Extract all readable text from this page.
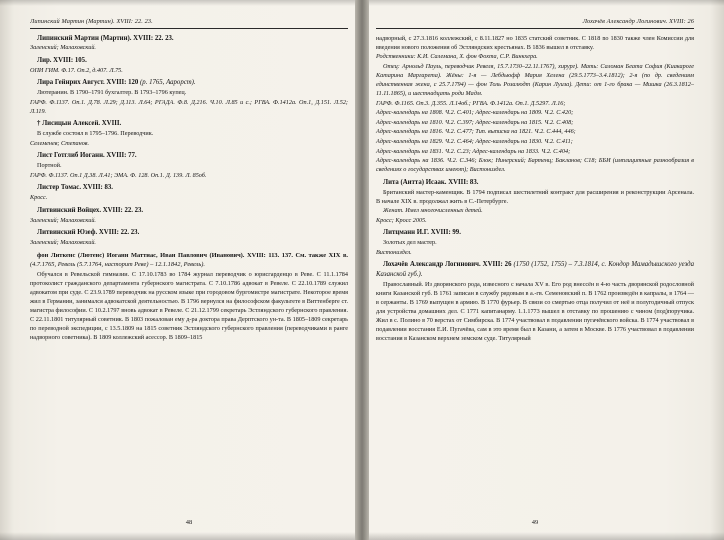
Липинский Мартин (Мартин). XVIII: 22. 23.

Липинский Мартин (Мартин). XVIII: 22. 23.

Заленский; Малаховский.

Лир. XVIII: 105.

ОПИ ГИМ. Ф.17. Оп.2, д.407. Л.75.

Лира Гейнрих Август. XVIII: 120 (р. 1765, Аарорст).

Лютеранин. В 1790–1791 бухгалтер. В 1793–1796 купец.

ГАРФ. Ф.1137. Оп.1. Д.78. Л.29; Д.113. Л.64; РГАДА. Ф.8. Д.216. Ч.10. Л.85 и с.; РГВА. Ф.1412а. Оп.1, Д.151. Л.52; Л.119.

† Лисицын Алексей. XVIII.

В службе состоял в 1795–1796. Переводчик.

Селеменев; Степанов.

Лист Готглиб Иоганн. XVIII: 77.

Портной.

ГАРФ. Ф.1137. Оп.1 Д.38. Л.41; ЭМА. Ф. 128. Оп.1. Д. 139. Л. 85об.

Листер Томас. XVIII: 83.

Кросс.

Литвинский Войцех. XVIII: 22. 23.

Заленский; Малаховский.

Литвинский Юзеф. XVIII: 22. 23.

Заленский; Малаховский.

фон Литкенс (Лютенс) Иоганн Маттиас, Иван Павлович (Иванович). XVIII: 113. 137. См. также XIX в. (4.7.1765, Ревель (5.7.1764, насторит Реве) – 12.1.1842, Ревель).

Обучался в Ревельской гимназии. С 17.10.1783 во 1784 журнал переводчик о юрисгарденцо в Реве. С 11.1.1784 протоколист гражданского департамента губернского магистрата. С 7.10.1786 адвокат в Ревеле. С 22.10.1789 служил адвокатом при суде. С 23.9.1789 переводчик на русском языке при городовом бургомистре магистрате. Некоторое время жил в Германии, занимался адвокатской деятельностью. В 1796 вернулся на философском факультете в Виттенберге ст. магистра философии. С 10.2.1797 вновь адвокат в Ревеле. С 21.12.1799 секретарь Эстляндского губернского правления. С 22.11.1801 титулярный советник. В 1803 пожалован ему д-ра доктора права Дерптского ун-та. В 1805–1809 секретарь по переводной экспедиции, с 13.5.1809 на 1815 советник Эстляндского губернского правления (переводчиками в ранге надворного советника). В 1809 коллежский асессор. В 1809–1815

48
Лохачёв Александр Логинович. XVIII: 26

надворный, с 27.3.1816 коллежский, с 8.11.1827 но 1835 статский советник. С 1818 no 1830 также член Комиссии для введения нового положения об Эстляндских крестьянах. В 1836 вышел в отставку.

Родственники: К.И. Салемана, Х. фон Фохта, С.Р. Винкхера.

Отец: Арнольд Пауль, переводчик Ревеля, 15.7.1730–22.11.1767), хирург). Мать: Саломан Беата София (Киакароге Катарина Маргарета). Жёны: 1-я — Лебдьюфф Мария Хелена (29.5.1773–3.4.1812); 2-я (по др. сведениям единственная жена, с 25.7.1794) — фон Толь Розалюдт (Карин Луиза). Дети: от 1-го брака — Мишка (26.3.1812–11.11.1865), и шестнадцать роди Мадм.

ГАРФ. Ф.1165. Оп.3. Д.355. Л.14об.; РГВА. Ф.1412а. Оп.1. Д.5297. Л.16;

Адрес-календарь на 1808. Ч.2. С.401; Адрес-календарь на 1809. Ч.2. С.420;

Адрес-календарь на 1810. Ч.2. С.397; Адрес-календарь на 1815. Ч.2. С.408;

Адрес-календарь на 1816. Ч.2. С.477; Тип. выписка на 1821. Ч.2. С.444, 446;

Адрес-календарь на 1829. Ч.2. С.464; Адрес-календарь на 1830. Ч.2. С.411;

Адрес-календарь на 1831. Ч.2. С.23; Адрес-календарь на 1833. Ч.2. С.404;

Адрес-календарь на 1836. Ч.2. С.346; Блок; Нинерский; Бартенц; Бакланов; С18; ББИ (имплицитные разнообразия в сведениях о государствах имеют); Вистониздел.

Лита (Аитта) Исаак. XVIII: 83.

Британский мастер-каменщик. В 1794 подписал шестилетний контракт для расширения и реконструкции Арсенала. В начале XIX в. продолжал жить в С.-Петербурге.

Женат. Имел многочисленных детей.

Кросс; Кросс 2005.

Литцманн И.Г. XVIII: 99.

Золотых дел мастер.

Вистониздел.

Лохачёв Александр Логинович. XVIII: 26 (1750 (1752, 1755) – 7.3.1814, с. Кондор Мамадышского уезда Казанской губ.).

Православный. Из дворянского рода, извесного с начала XV в. Его род внессён в 4-ю часть дворянской родословной книги Казанской губ. В 1761 записан в службу рядовым в а.-гв. Семеновский п. В 1762 произведён в капралы, в 1764 — в сержанты. В 1769 выпущен в армию. В 1770 фурьер. В связи со смертью отца получил от неё и полугодичный отпуск для устройства домашних дел. С 1771 капитанарму. 1.1.1773 вышел в отставку по прошению с чином (под)поручика. Жил в с. Полино в 70 верстах от Симбирска. В 1774 участвовал в подавлении пугачёвского войска. В 1774 участвовал в подавлении восстания Е.И. Пугачёва, сам в это время был в Казани, а затем в Москве. В 1776 участвовал в подавлении восстания в Казанском верхнем земском суде. Титулярный

49
